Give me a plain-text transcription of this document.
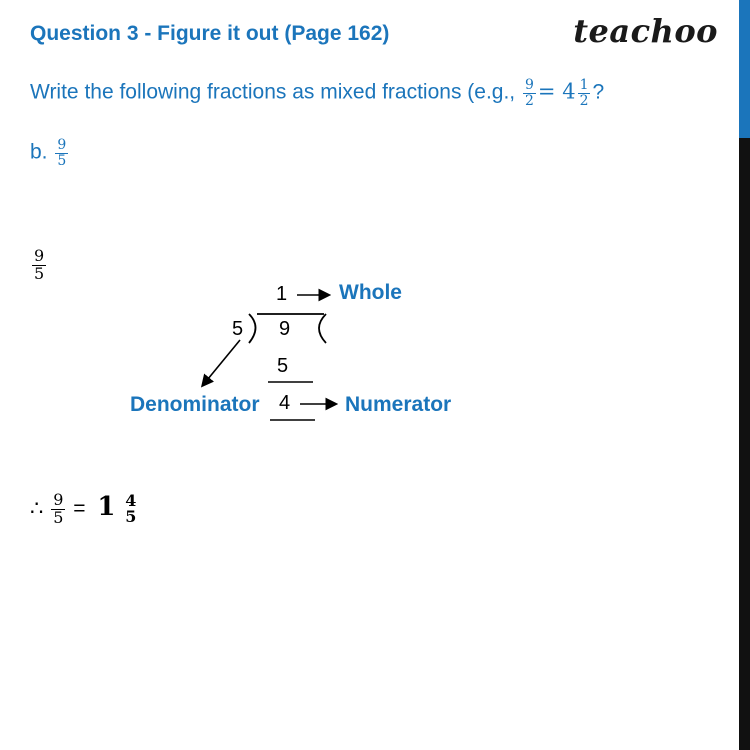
Question 3 - Figure it out (Page 162)	teachoo
Write the following fractions as mixed fractions (e.g., $\frac{9}{2} = 4 \frac{1}{2}$ ?
b. $\frac{9}{5}$
$\frac{9}{5}$
1 Whole
5 9
5
4
Denominator	Numerator
∴ $\frac{9}{5} = 1$ 4
5
